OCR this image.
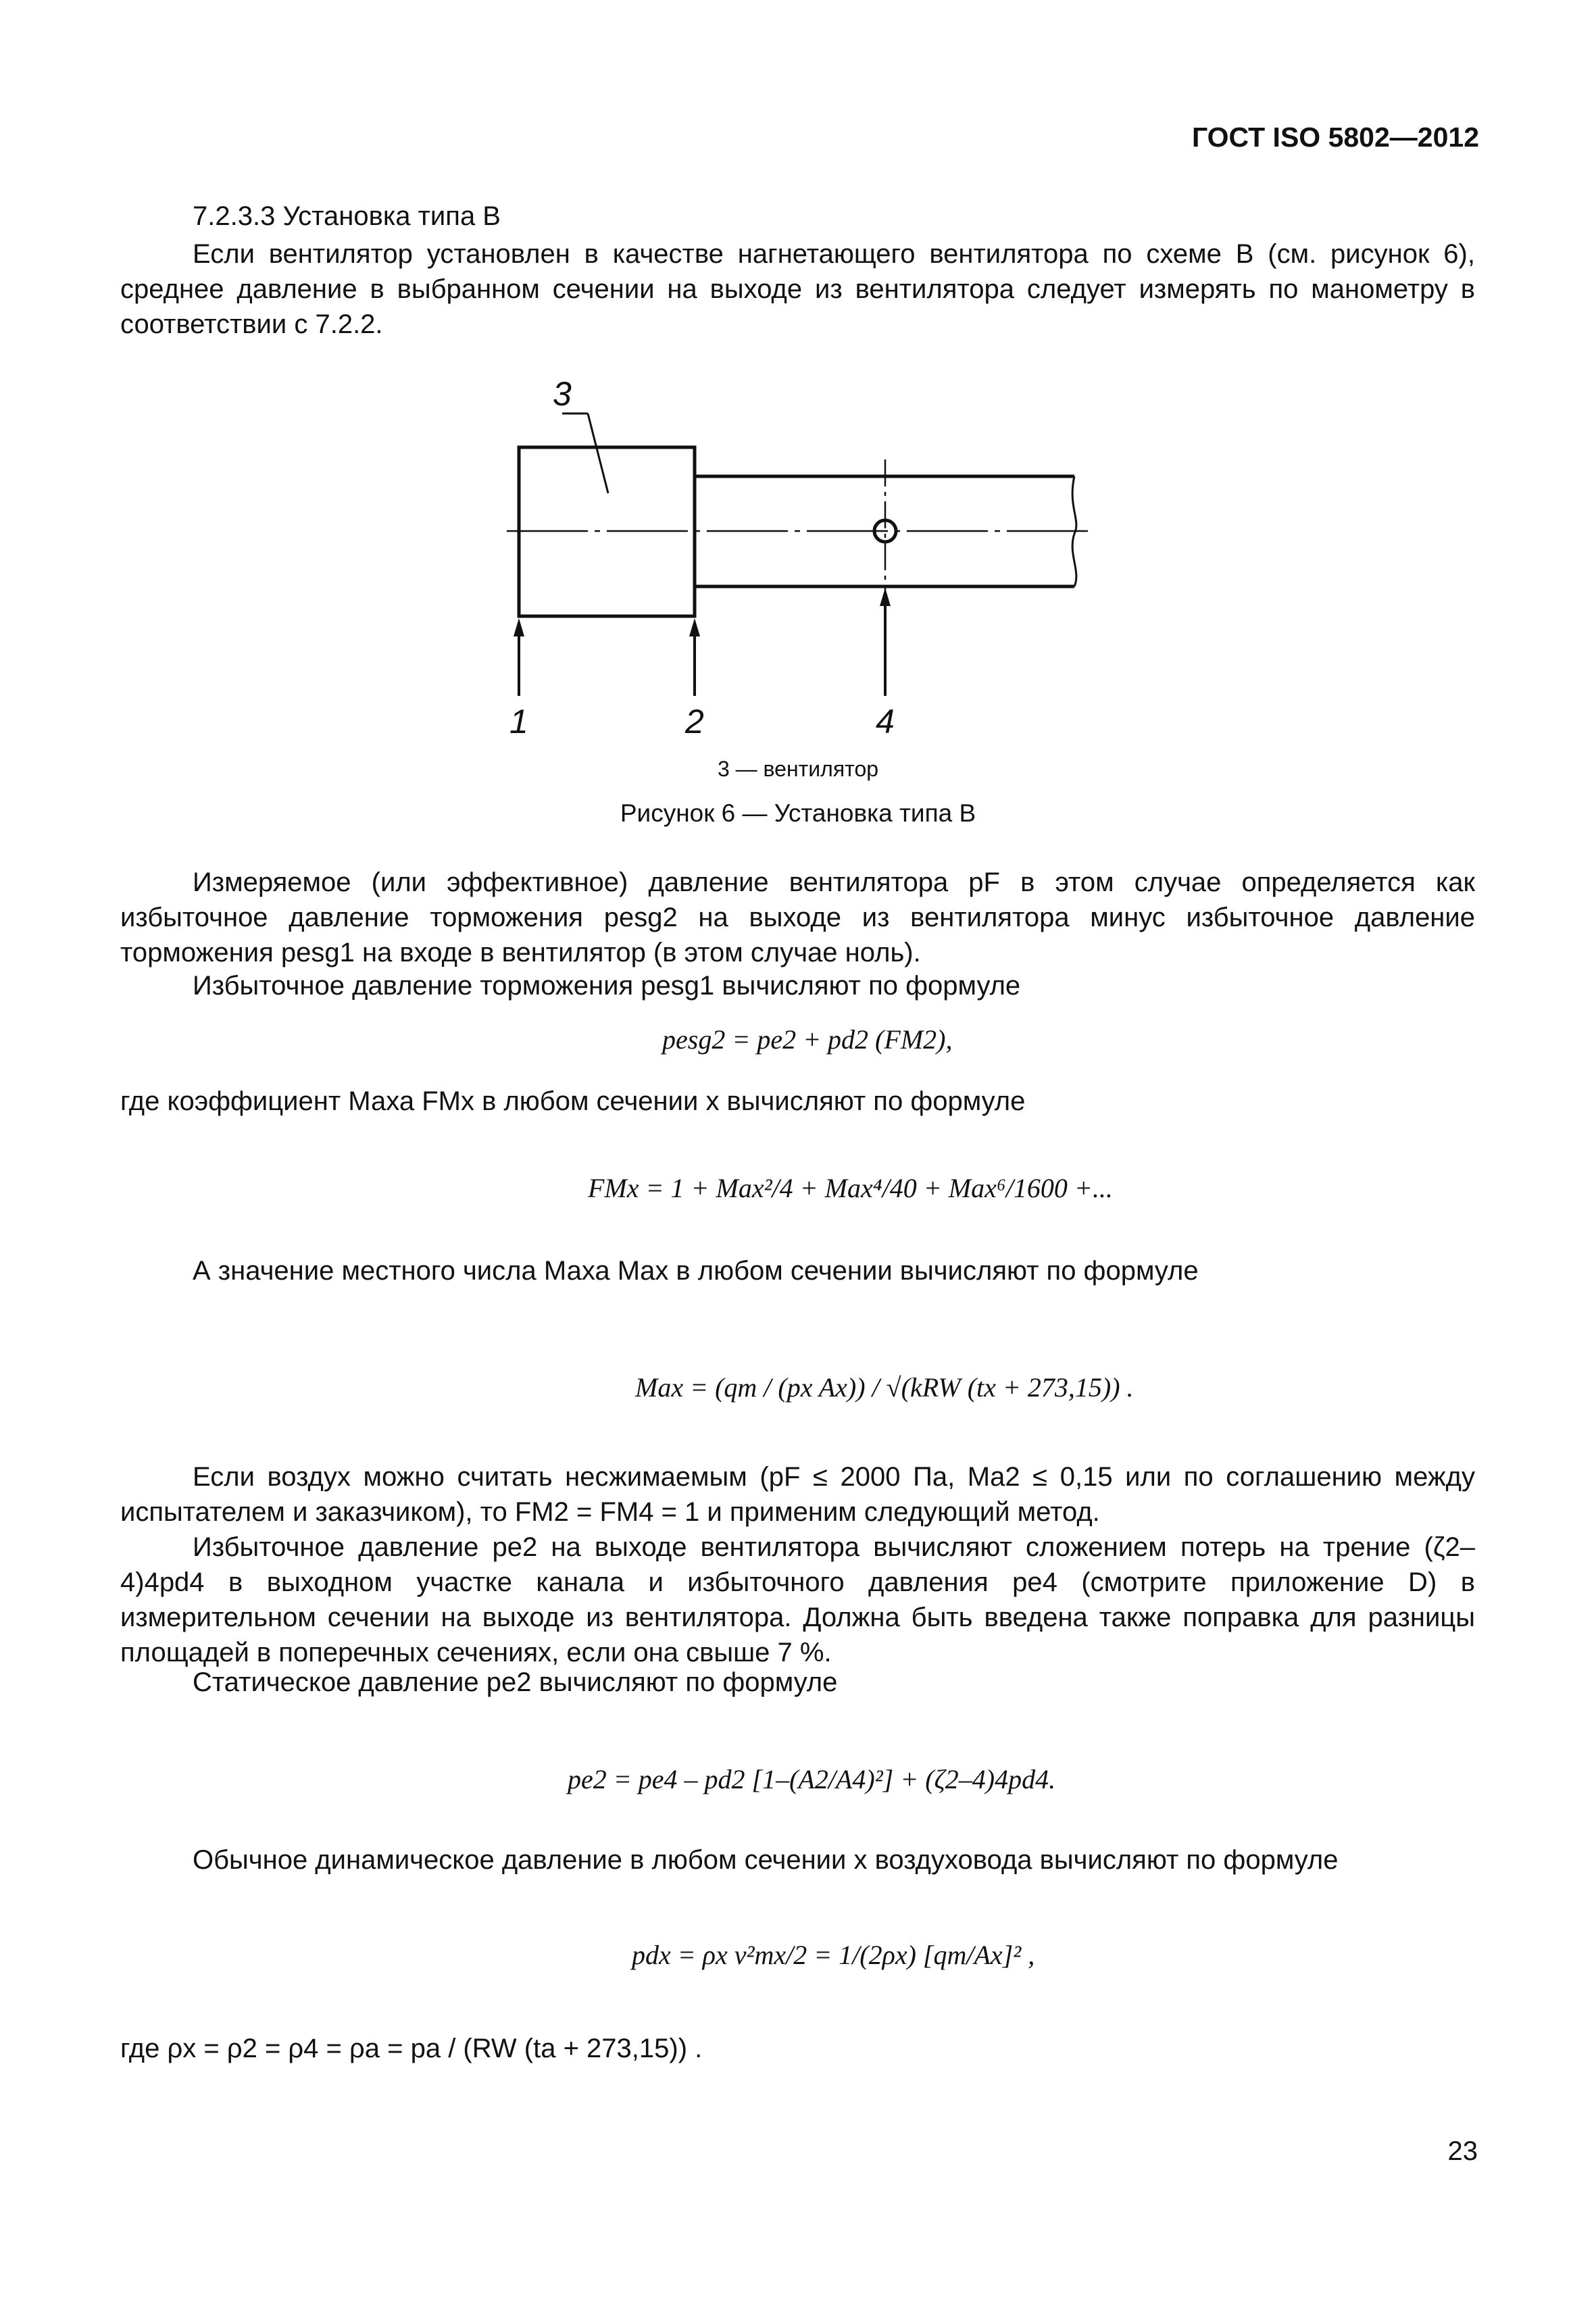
ГОСТ ISO 5802—2012
7.2.3.3 Установка типа В
Если вентилятор установлен в качестве нагнетающего вентилятора по схеме В (см. рисунок 6), среднее давление в выбранном сечении на выходе из вентилятора следует измерять по манометру в соответствии с 7.2.2.
3
1	2	4
3 — вентилятор
Рисунок 6 — Установка типа В
Измеряемое (или эффективное) давление вентилятора pF в этом случае определяется как избыточное давление торможения pesg2 на выходе из вентилятора минус избыточное давление торможения pesg1 на входе в вентилятор (в этом случае ноль).
Избыточное давление торможения pesg1 вычисляют по формуле
pesg2 = pe2 + pd2 (FM2),
где коэффициент Маха FMx в любом сечении x вычисляют по формуле
FMx = 1 + Max²/4 + Max⁴/40 + Max⁶/1600 +...
А значение местного числа Маха Max в любом сечении вычисляют по формуле
Max = (qm / (px Ax)) / √(kRW (tx + 273,15)) .
Если воздух можно считать несжимаемым (pF ≤ 2000 Па, Ma2 ≤ 0,15 или по соглашению между испытателем и заказчиком), то FM2 = FM4 = 1 и применим следующий метод.
Избыточное давление pe2 на выходе вентилятора вычисляют сложением потерь на трение (ζ2–4)4pd4 в выходном участке канала и избыточного давления pe4 (смотрите приложение D) в измерительном сечении на выходе из вентилятора. Должна быть введена также поправка для разницы площадей в поперечных сечениях, если она свыше 7 %.
Статическое давление pe2 вычисляют по формуле
pe2 = pe4 – pd2 [1–(A2/A4)²] + (ζ2–4)4pd4.
Обычное динамическое давление в любом сечении x воздуховода вычисляют по формуле
pdx = ρx v²mx/2 = 1/(2ρx) [qm/Ax]² ,
где ρx = ρ2 = ρ4 = ρa = pa / (RW (ta + 273,15)) .
23
